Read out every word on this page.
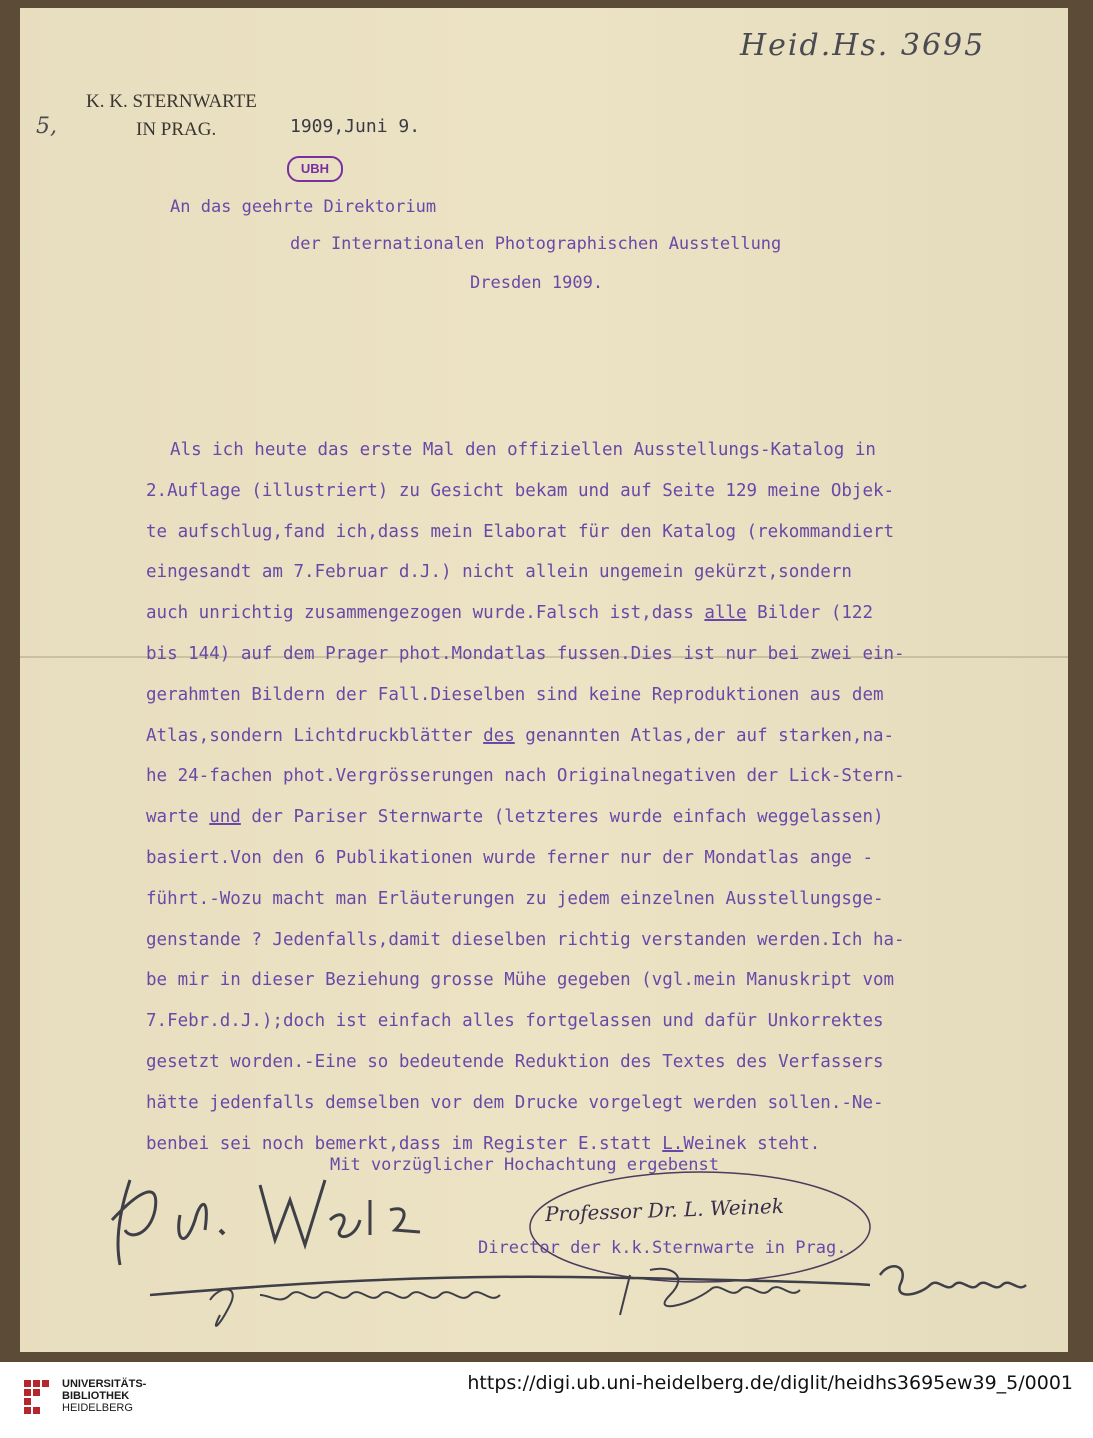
Heid.Hs. 3695
5,
K. K. STERNWARTE
IN PRAG.	1909,Juni 9.
UBH
An das geehrte Direktorium
der Internationalen Photographischen Ausstellung
Dresden 1909.
Als ich heute das erste Mal den offiziellen Ausstellungs-Katalog in
2.Auflage (illustriert) zu Gesicht bekam und auf Seite 129 meine Objek-
te aufschlug,fand ich,dass mein Elaborat für den Katalog (rekommandiert
eingesandt am 7.Februar d.J.) nicht allein ungemein gekürzt,sondern
auch unrichtig zusammengezogen wurde.Falsch ist,dass alle Bilder (122
bis 144) auf dem Prager phot.Mondatlas fussen.Dies ist nur bei zwei ein-
gerahmten Bildern der Fall.Dieselben sind keine Reproduktionen aus dem
Atlas,sondern Lichtdruckblätter des genannten Atlas,der auf starken,na-
he 24-fachen phot.Vergrösserungen nach Originalnegativen der Lick-Stern-
warte und der Pariser Sternwarte (letzteres wurde einfach weggelassen)
basiert.Von den 6 Publikationen wurde ferner nur der Mondatlas ange -
führt.-Wozu macht man Erläuterungen zu jedem einzelnen Ausstellungsge-
genstande ? Jedenfalls,damit dieselben richtig verstanden werden.Ich ha-
be mir in dieser Beziehung grosse Mühe gegeben (vgl.mein Manuskript vom
7.Febr.d.J.);doch ist einfach alles fortgelassen und dafür Unkorrektes
gesetzt worden.-Eine so bedeutende Reduktion des Textes des Verfassers
hätte jedenfalls demselben vor dem Drucke vorgelegt werden sollen.-Ne-
benbei sei noch bemerkt,dass im Register E.statt L.Weinek steht.
Mit vorzüglicher Hochachtung ergebenst
Professor Dr. L. Weinek
Director der k.k.Sternwarte in Prag.
UNIVERSITÄTS-
BIBLIOTHEK
HEIDELBERG
https://digi.ub.uni-heidelberg.de/diglit/heidhs3695ew39_5/0001
